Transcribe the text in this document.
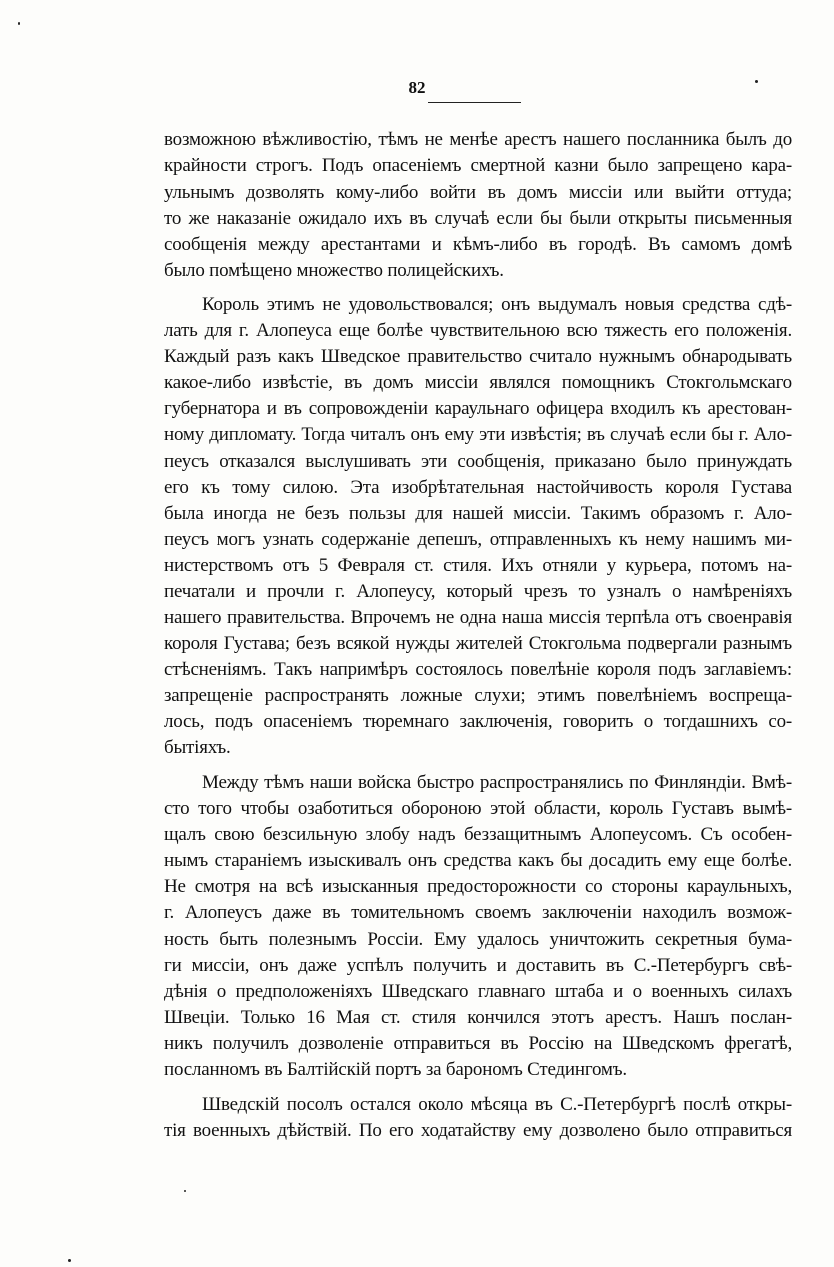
82
возможною вѣжливостію, тѣмъ не менѣе арестъ нашего посланника былъ до
крайности строгъ. Подъ опасеніемъ смертной казни было запрещено кара-
ульнымъ дозволять кому-либо войти въ домъ миссіи или выйти оттуда;
то же наказаніе ожидало ихъ въ случаѣ если бы были открыты письменныя
сообщенія между арестантами и кѣмъ-либо въ городѣ. Въ самомъ домѣ
было помѣщено множество полицейскихъ.
Король этимъ не удовольствовался; онъ выдумалъ новыя средства сдѣ-
лать для г. Алопеуса еще болѣе чувствительною всю тяжесть его положенія.
Каждый разъ какъ Шведское правительство считало нужнымъ обнародывать
какое-либо извѣстіе, въ домъ миссіи являлся помощникъ Стокгольмскаго
губернатора и въ сопровожденіи караульнаго офицера входилъ къ арестован-
ному дипломату. Тогда читалъ онъ ему эти извѣстія; въ случаѣ если бы г. Ало-
пеусъ отказался выслушивать эти сообщенія, приказано было принуждать
его къ тому силою. Эта изобрѣтательная настойчивость короля Густава
была иногда не безъ пользы для нашей миссіи. Такимъ образомъ г. Ало-
пеусъ могъ узнать содержаніе депешъ, отправленныхъ къ нему нашимъ ми-
нистерствомъ отъ 5 Февраля ст. стиля. Ихъ отняли у курьера, потомъ на-
печатали и прочли г. Алопеусу, который чрезъ то узналъ о намѣреніяхъ
нашего правительства. Впрочемъ не одна наша миссія терпѣла отъ своенравія
короля Густава; безъ всякой нужды жителей Стокгольма подвергали разнымъ
стѣсненіямъ. Такъ напримѣръ состоялось повелѣніе короля подъ заглавіемъ:
запрещеніе распространять ложные слухи; этимъ повелѣніемъ воспреща-
лось, подъ опасеніемъ тюремнаго заключенія, говорить о тогдашнихъ со-
бытіяхъ.
Между тѣмъ наши войска быстро распространялись по Финляндіи. Вмѣ-
сто того чтобы озаботиться обороною этой области, король Густавъ вымѣ-
щалъ свою безсильную злобу надъ беззащитнымъ Алопеусомъ. Съ особен-
нымъ стараніемъ изыскивалъ онъ средства какъ бы досадить ему еще болѣе.
Не смотря на всѣ изысканныя предосторожности со стороны караульныхъ,
г. Алопеусъ даже въ томительномъ своемъ заключеніи находилъ возмож-
ность быть полезнымъ Россіи. Ему удалось уничтожить секретныя бума-
ги миссіи, онъ даже успѣлъ получить и доставить въ С.-Петербургъ свѣ-
дѣнія о предположеніяхъ Шведскаго главнаго штаба и о военныхъ силахъ
Швеціи. Только 16 Мая ст. стиля кончился этотъ арестъ. Нашъ послан-
никъ получилъ дозволеніе отправиться въ Россію на Шведскомъ фрегатѣ,
посланномъ въ Балтійскій портъ за барономъ Стедингомъ.
Шведскій посолъ остался около мѣсяца въ С.-Петербургѣ послѣ откры-
тія военныхъ дѣйствій. По его ходатайству ему дозволено было отправиться
